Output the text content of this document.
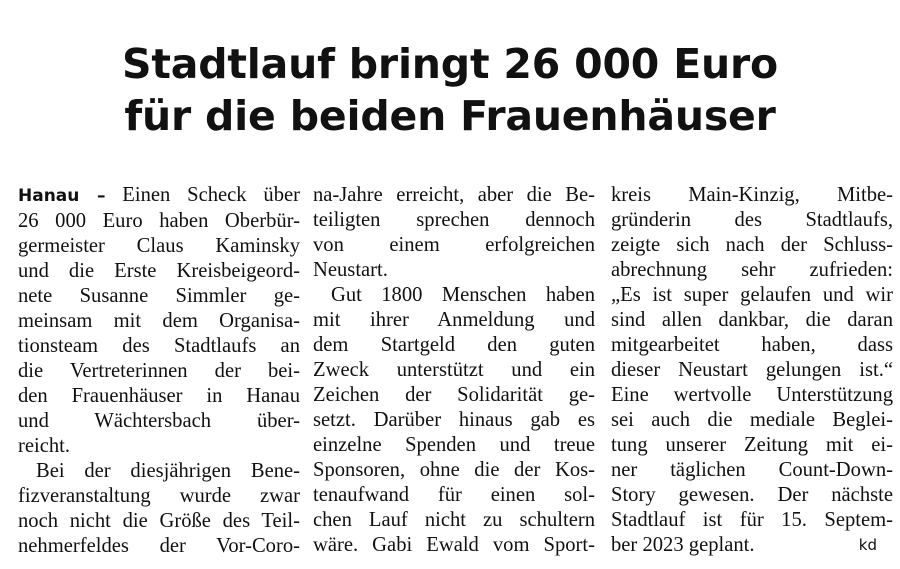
Stadtlauf bringt 26 000 Euro
für die beiden Frauenhäuser
Hanau – Einen Scheck über
26 000 Euro haben Oberbür-
germeister Claus Kaminsky
und die Erste Kreisbeigeord-
nete Susanne Simmler ge-
meinsam mit dem Organisa-
tionsteam des Stadtlaufs an
die Vertreterinnen der bei-
den Frauenhäuser in Hanau
und Wächtersbach über-
reicht.
Bei der diesjährigen Bene-
fizveranstaltung wurde zwar
noch nicht die Größe des Teil-
nehmerfeldes der Vor-Coro-
na-Jahre erreicht, aber die Be-
teiligten sprechen dennoch
von einem erfolgreichen
Neustart.
Gut 1800 Menschen haben
mit ihrer Anmeldung und
dem Startgeld den guten
Zweck unterstützt und ein
Zeichen der Solidarität ge-
setzt. Darüber hinaus gab es
einzelne Spenden und treue
Sponsoren, ohne die der Kos-
tenaufwand für einen sol-
chen Lauf nicht zu schultern
wäre. Gabi Ewald vom Sport-
kreis Main-Kinzig, Mitbe-
gründerin des Stadtlaufs,
zeigte sich nach der Schluss-
abrechnung sehr zufrieden:
„Es ist super gelaufen und wir
sind allen dankbar, die daran
mitgearbeitet haben, dass
dieser Neustart gelungen ist.“
Eine wertvolle Unterstützung
sei auch die mediale Beglei-
tung unserer Zeitung mit ei-
ner täglichen Count-Down-
Story gewesen. Der nächste
Stadtlauf ist für 15. Septem-
ber 2023 geplant.	kd
